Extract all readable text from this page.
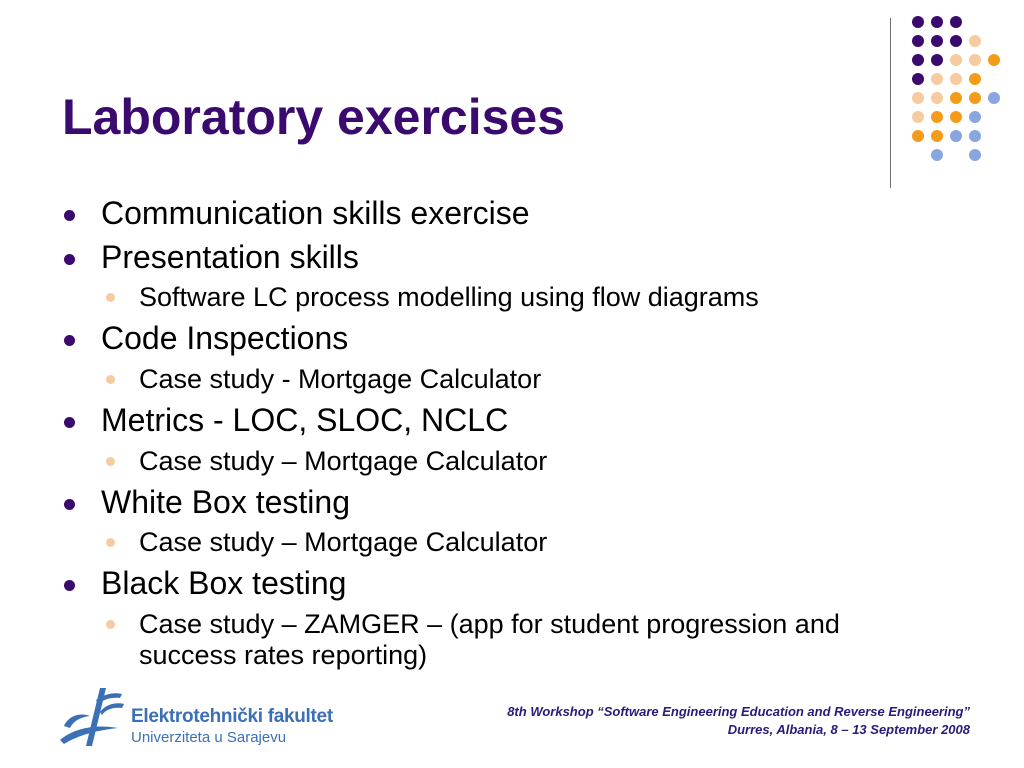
Laboratory exercises
Communication skills exercise
Presentation skills
Software LC process modelling using flow diagrams
Code Inspections
Case study - Mortgage Calculator
Metrics - LOC, SLOC, NCLC
Case study – Mortgage Calculator
White Box testing
Case study – Mortgage Calculator
Black Box testing
Case study – ZAMGER – (app for student progression and
success rates reporting)
Elektrotehnički fakultet
Univerziteta u Sarajevu
8th Workshop “Software Engineering Education and Reverse Engineering”
Durres, Albania, 8 – 13 September 2008
